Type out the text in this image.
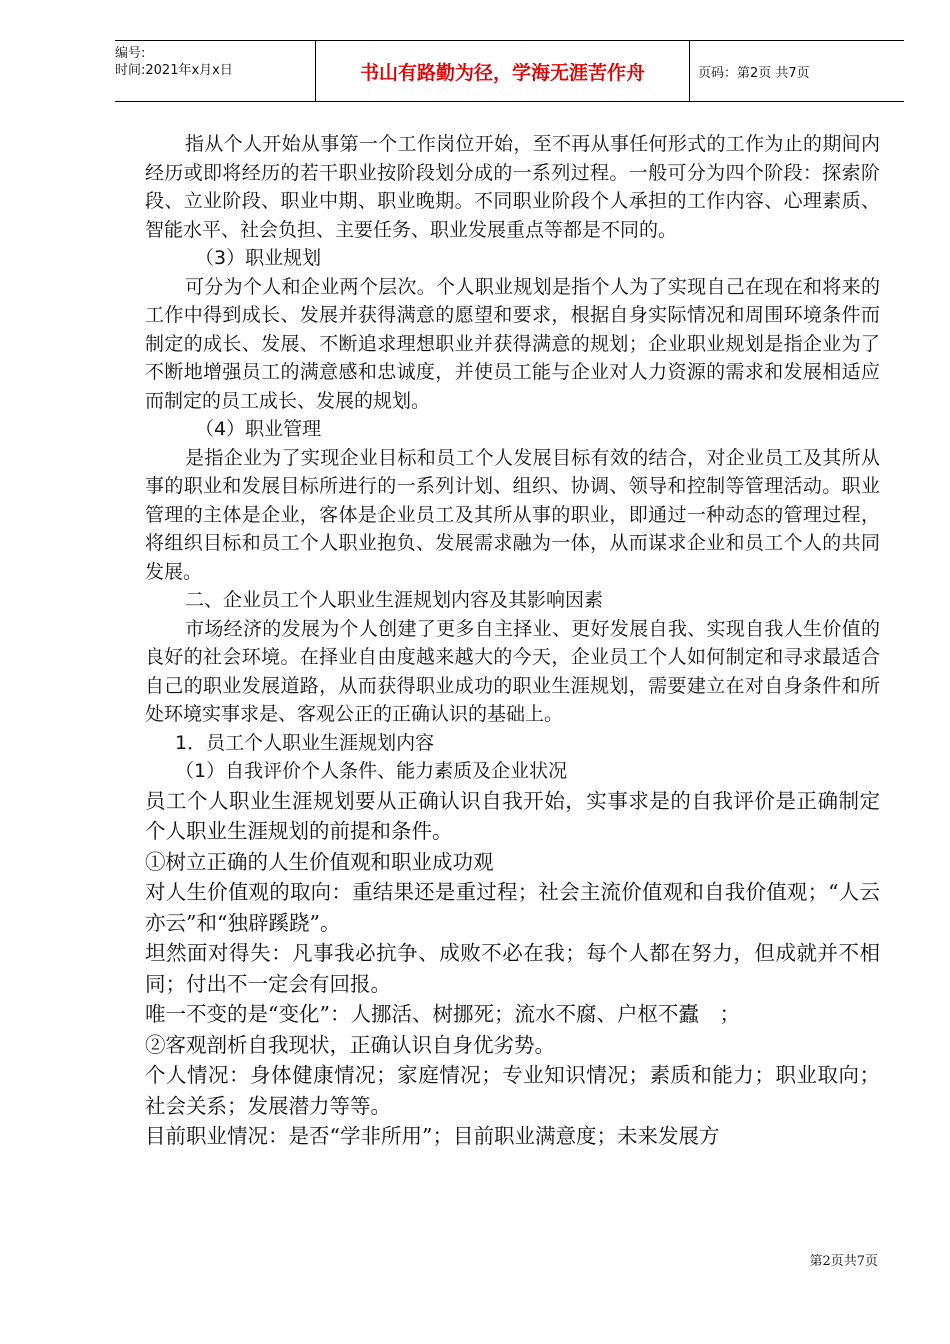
编号:
时间:2021年x月x日	书山有路勤为径，学海无涯苦作舟	页码：第2页 共7页

指从个人开始从事第一个工作岗位开始，至不再从事任何形式的工作为止的期间内经历或即将经历的若干职业按阶段划分成的一系列过程。一般可分为四个阶段：探索阶段、立业阶段、职业中期、职业晚期。不同职业阶段个人承担的工作内容、心理素质、智能水平、社会负担、主要任务、职业发展重点等都是不同的。

（3）职业规划

可分为个人和企业两个层次。个人职业规划是指个人为了实现自己在现在和将来的工作中得到成长、发展并获得满意的愿望和要求，根据自身实际情况和周围环境条件而制定的成长、发展、不断追求理想职业并获得满意的规划；企业职业规划是指企业为了不断地增强员工的满意感和忠诚度，并使员工能与企业对人力资源的需求和发展相适应而制定的员工成长、发展的规划。

（4）职业管理

是指企业为了实现企业目标和员工个人发展目标有效的结合，对企业员工及其所从事的职业和发展目标所进行的一系列计划、组织、协调、领导和控制等管理活动。职业管理的主体是企业，客体是企业员工及其所从事的职业，即通过一种动态的管理过程，将组织目标和员工个人职业抱负、发展需求融为一体，从而谋求企业和员工个人的共同发展。

二、企业员工个人职业生涯规划内容及其影响因素

市场经济的发展为个人创建了更多自主择业、更好发展自我、实现自我人生价值的良好的社会环境。在择业自由度越来越大的今天，企业员工个人如何制定和寻求最适合自己的职业发展道路，从而获得职业成功的职业生涯规划，需要建立在对自身条件和所处环境实事求是、客观公正的正确认识的基础上。

1．员工个人职业生涯规划内容

（1）自我评价个人条件、能力素质及企业状况

员工个人职业生涯规划要从正确认识自我开始，实事求是的自我评价是正确制定个人职业生涯规划的前提和条件。

①树立正确的人生价值观和职业成功观

对人生价值观的取向：重结果还是重过程；社会主流价值观和自我价值观；“人云亦云”和“独辟蹊跷”。

坦然面对得失：凡事我必抗争、成败不必在我；每个人都在努力，但成就并不相同；付出不一定会有回报。

唯一不变的是“变化”：人挪活、树挪死；流水不腐、户枢不蠹　；

②客观剖析自我现状，正确认识自身优劣势。

个人情况：身体健康情况；家庭情况；专业知识情况；素质和能力；职业取向；社会关系；发展潜力等等。

目前职业情况：是否“学非所用”；目前职业满意度；未来发展方

第2页共7页
